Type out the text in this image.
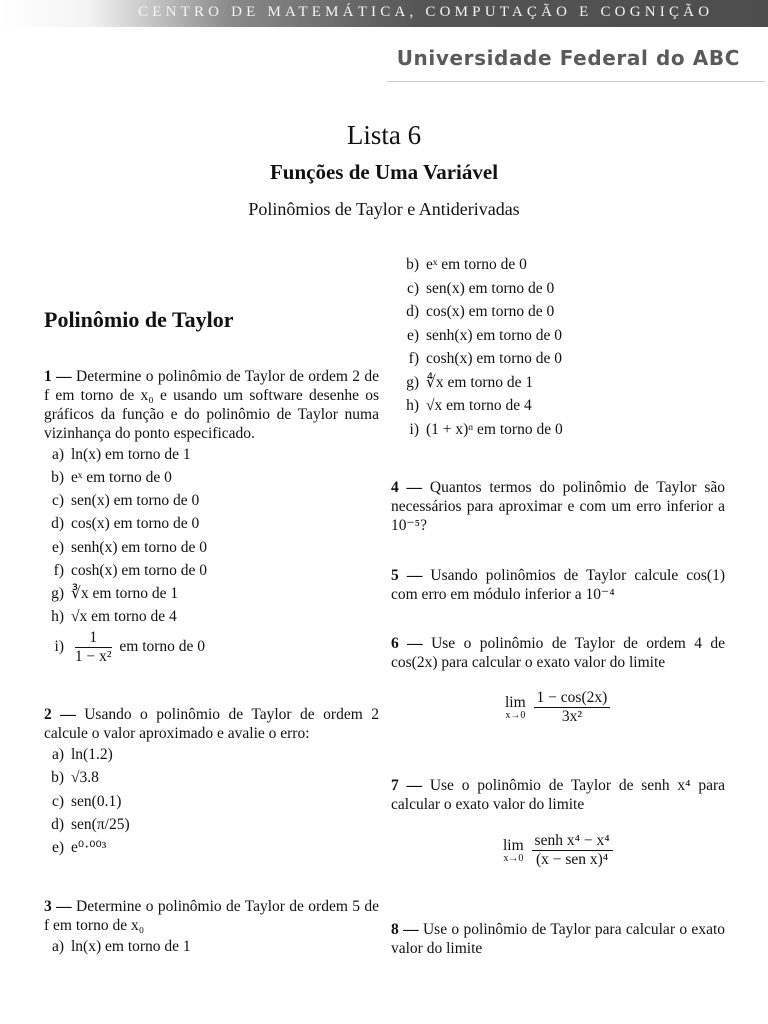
CENTRO DE MATEMÁTICA, COMPUTAÇÃO E COGNIÇÃO
Universidade Federal do ABC
Lista 6
Funções de Uma Variável
Polinômios de Taylor e Antiderivadas
Polinômio de Taylor
1 — Determine o polinômio de Taylor de ordem 2 de f em torno de x₀ e usando um software desenhe os gráficos da função e do polinômio de Taylor numa vizinhança do ponto especificado.
a) ln(x) em torno de 1
b) eˣ em torno de 0
c) sen(x) em torno de 0
d) cos(x) em torno de 0
e) senh(x) em torno de 0
f) cosh(x) em torno de 0
g) ∛x em torno de 1
h) √x em torno de 4
$i) \frac{1}{\text{1 − x²}}$ em torno de 0
2 — Usando o polinômio de Taylor de ordem 2 calcule o valor aproximado e avalie o erro:
a) ln(1.2)
b) √3.8
c) sen(0.1)
d) sen(π/25)
e) e⁰·⁰⁰³
3 — Determine o polinômio de Taylor de ordem 5 de f em torno de x₀
a) ln(x) em torno de 1
b) eˣ em torno de 0
c) sen(x) em torno de 0
d) cos(x) em torno de 0
e) senh(x) em torno de 0
f) cosh(x) em torno de 0
g) ∜x em torno de 1
h) √x em torno de 4
i) (1 + x)ᵅ em torno de 0
4 — Quantos termos do polinômio de Taylor são necessários para aproximar e com um erro inferior a 10⁻⁵?
5 — Usando polinômios de Taylor calcule cos(1) com erro em módulo inferior a 10⁻⁴
6 — Use o polinômio de Taylor de ordem 4 de cos(2x) para calcular o exato valor do limite
lim
x→0
$\frac{1 - \cos(2x)}{\text{3x²}}$
7 — Use o polinômio de Taylor de senh x⁴ para calcular o exato valor do limite
lim
x→0
$\frac{\text{senh x⁴ − x⁴}}{\text{(x − sen x)⁴}}$
8 — Use o polinômio de Taylor para calcular o exato valor do limite
